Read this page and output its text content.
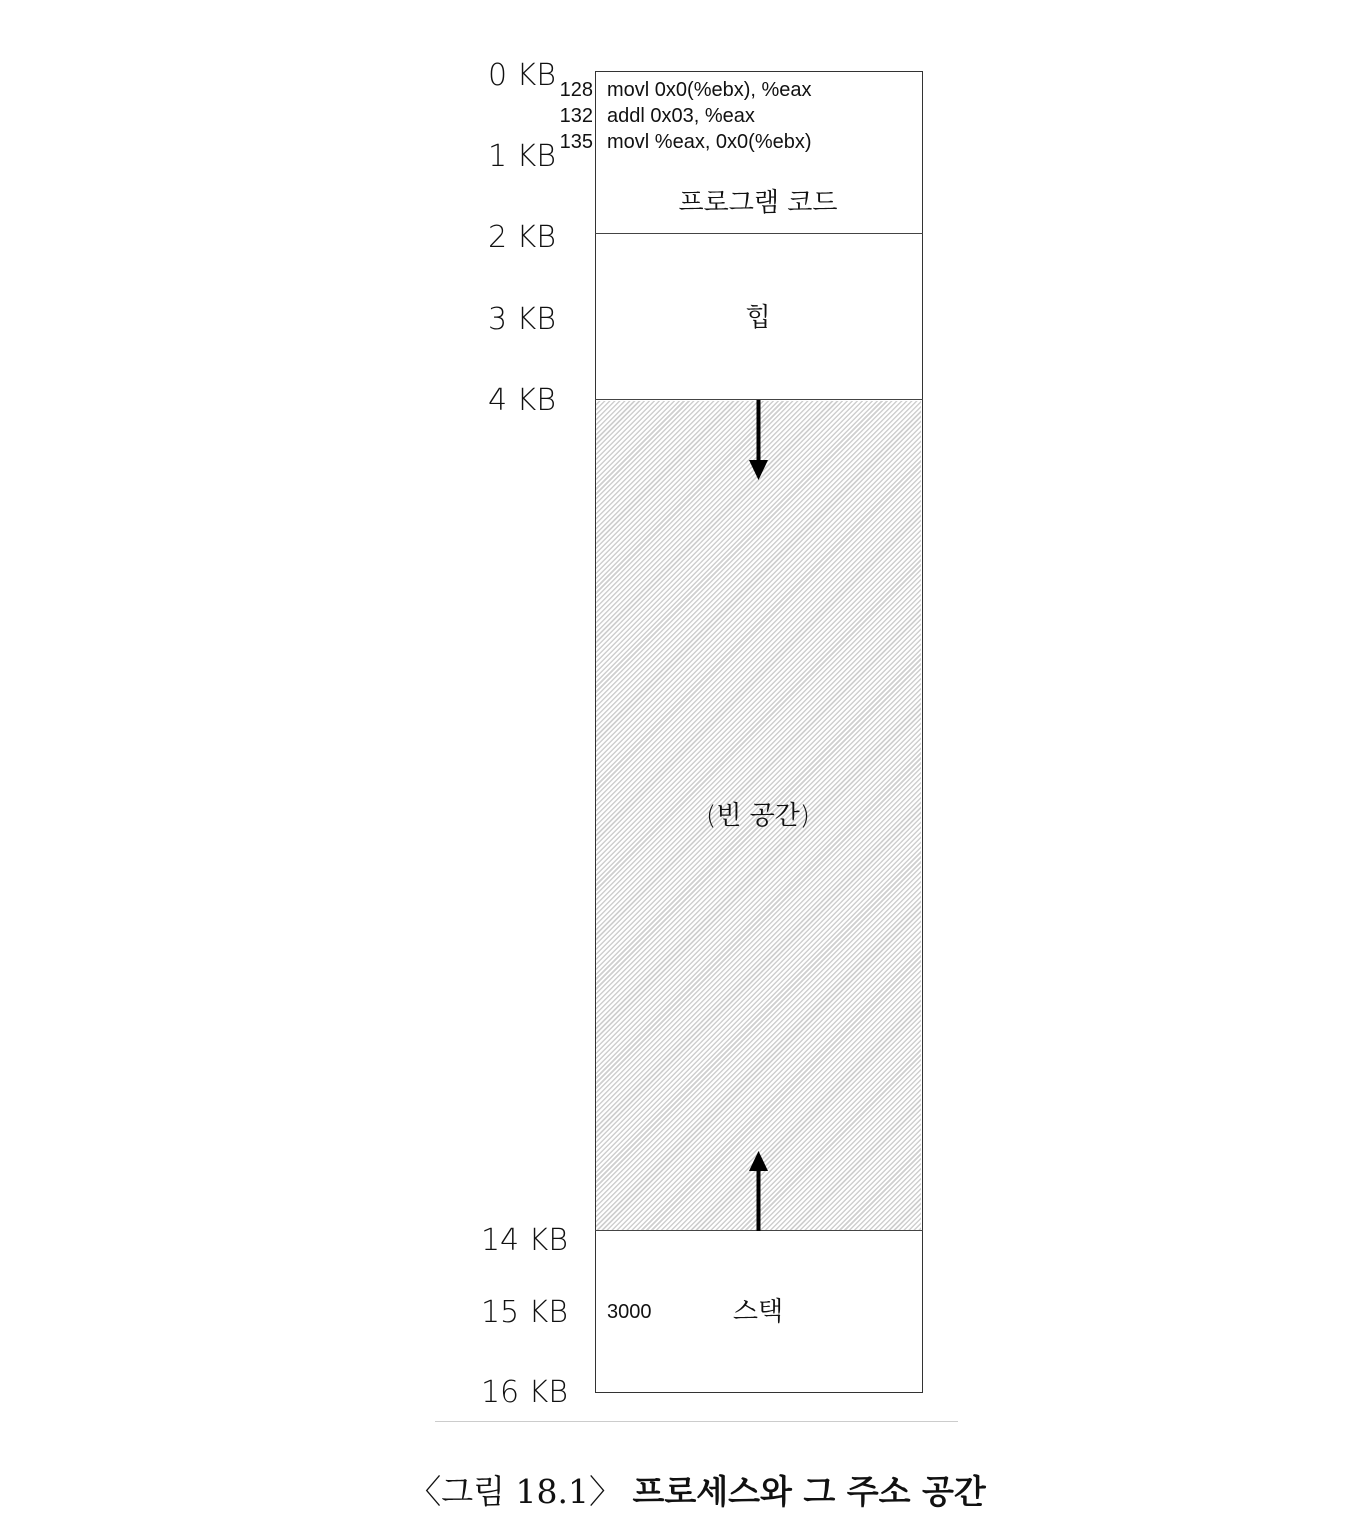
0 KB
1 KB
2 KB
3 KB
4 KB
14 KB
15 KB
16 KB
128 movl 0x0(%ebx), %eax
132 addl 0x03, %eax
135 movl %eax, 0x0(%ebx)
프로그램 코드
힙
(빈 공간)
스택
3000
〈그림 18.1〉 프로세스와 그 주소 공간
